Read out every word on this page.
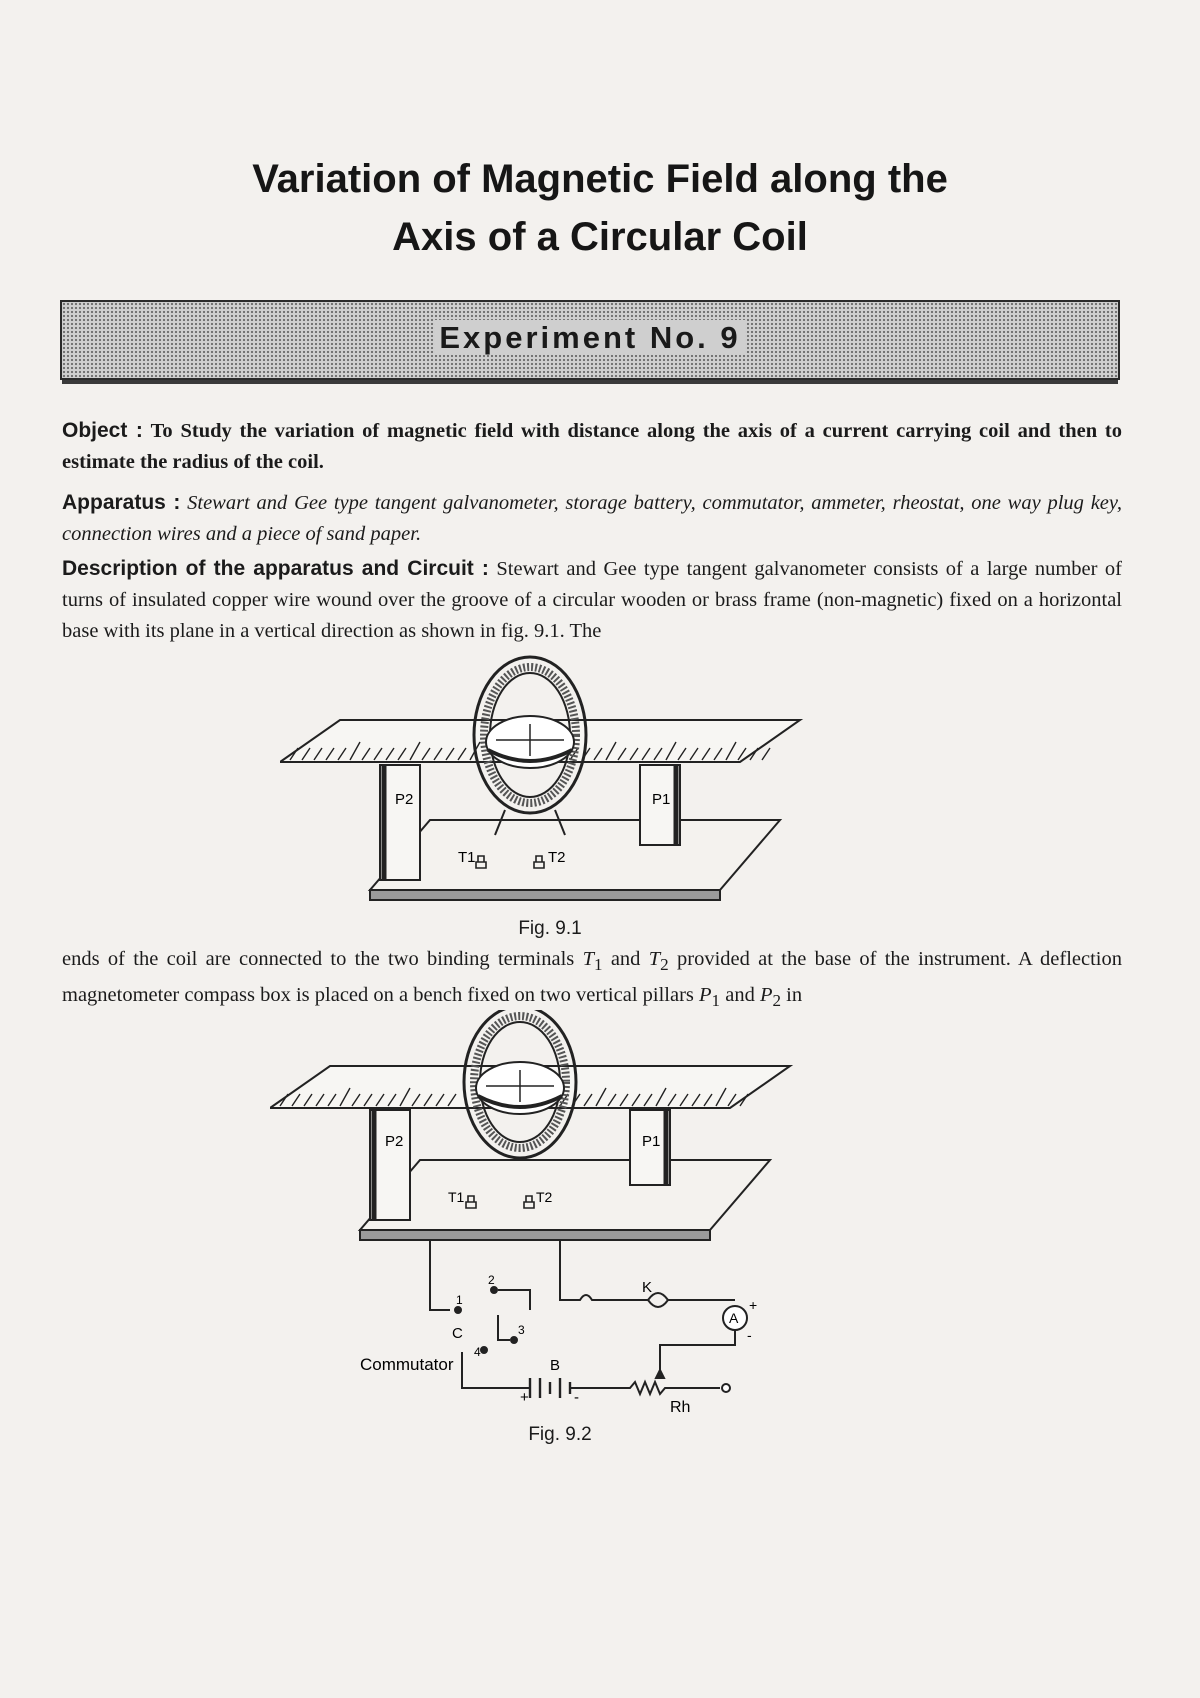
Variation of Magnetic Field along the
Axis of a Circular Coil
Experiment No. 9
Object : To Study the variation of magnetic field with distance along the axis of a current carrying coil and then to estimate the radius of the coil.
Apparatus : Stewart and Gee type tangent galvanometer, storage battery, commutator, ammeter, rheostat, one way plug key, connection wires and a piece of sand paper.
Description of the apparatus and Circuit : Stewart and Gee type tangent galvanometer consists of a large number of turns of insulated copper wire wound over the groove of a circular wooden or brass frame (non-magnetic) fixed on a horizontal base with its plane in a vertical direction as shown in fig. 9.1. The
P2	P1
T1	T2
Fig. 9.1
ends of the coil are connected to the two binding terminals $T_1$ and $T_2$ provided at the base of the instrument. A deflection magnetometer compass box is placed on a bench fixed on two vertical pillars $P_1$ and $P_2$ in
P2	P1
T1	T2
C
1
2
3
4
Commutator	B
+	-
K
A
+
-
Rh
Fig. 9.2
